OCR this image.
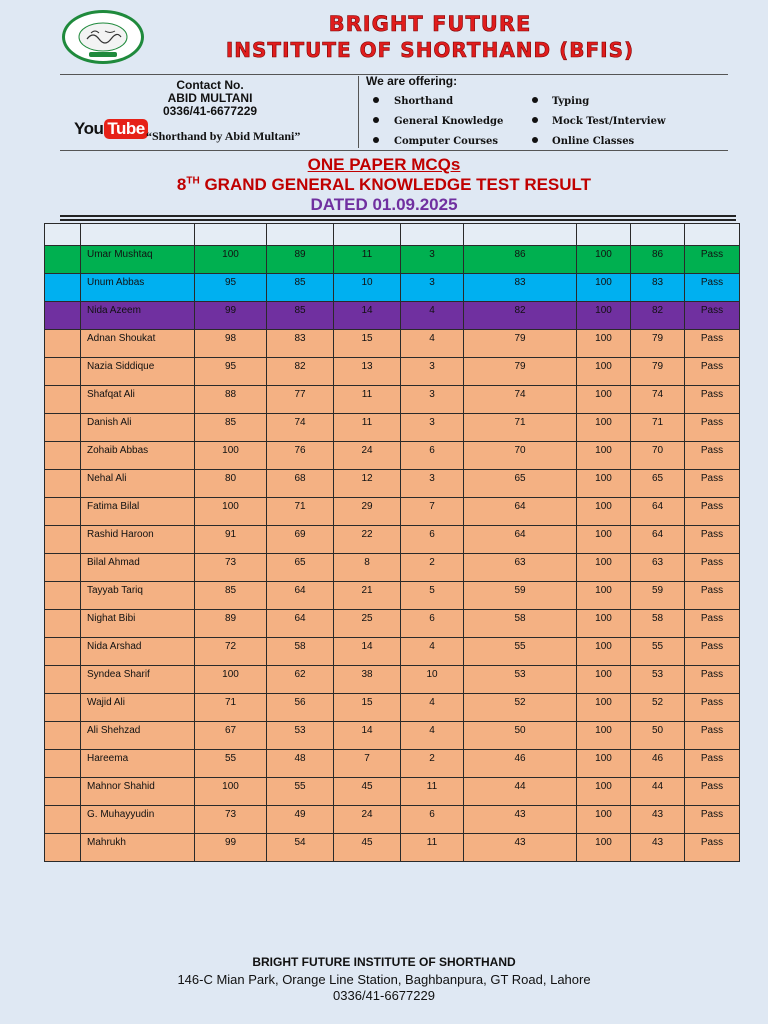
BRIGHT FUTURE
INSTITUTE OF SHORTHAND (BFIS)
Contact No.
ABID MULTANI
0336/41-6677229
You Tube “Shorthand by Abid Multani”
We are offering:
Shorthand
General Knowledge
Computer Courses
Typing
Mock Test/Interview
Online Classes
ONE PAPER MCQs
8TH GRAND GENERAL KNOWLEDGE TEST RESULT
DATED 01.09.2025

	Umar Mushtaq	100	89	11	3	86	100	86	Pass
	Unum Abbas	95	85	10	3	83	100	83	Pass
	Nida Azeem	99	85	14	4	82	100	82	Pass
	Adnan Shoukat	98	83	15	4	79	100	79	Pass
	Nazia Siddique	95	82	13	3	79	100	79	Pass
	Shafqat Ali	88	77	11	3	74	100	74	Pass
	Danish Ali	85	74	11	3	71	100	71	Pass
	Zohaib Abbas	100	76	24	6	70	100	70	Pass
	Nehal Ali	80	68	12	3	65	100	65	Pass
	Fatima Bilal	100	71	29	7	64	100	64	Pass
	Rashid Haroon	91	69	22	6	64	100	64	Pass
	Bilal Ahmad	73	65	8	2	63	100	63	Pass
	Tayyab Tariq	85	64	21	5	59	100	59	Pass
	Nighat Bibi	89	64	25	6	58	100	58	Pass
	Nida Arshad	72	58	14	4	55	100	55	Pass
	Syndea Sharif	100	62	38	10	53	100	53	Pass
	Wajid Ali	71	56	15	4	52	100	52	Pass
	Ali Shehzad	67	53	14	4	50	100	50	Pass
	Hareema	55	48	7	2	46	100	46	Pass
	Mahnor Shahid	100	55	45	11	44	100	44	Pass
	G. Muhayyudin	73	49	24	6	43	100	43	Pass
	Mahrukh	99	54	45	11	43	100	43	Pass
BRIGHT FUTURE INSTITUTE OF SHORTHAND
146-C Mian Park, Orange Line Station, Baghbanpura, GT Road, Lahore
0336/41-6677229
